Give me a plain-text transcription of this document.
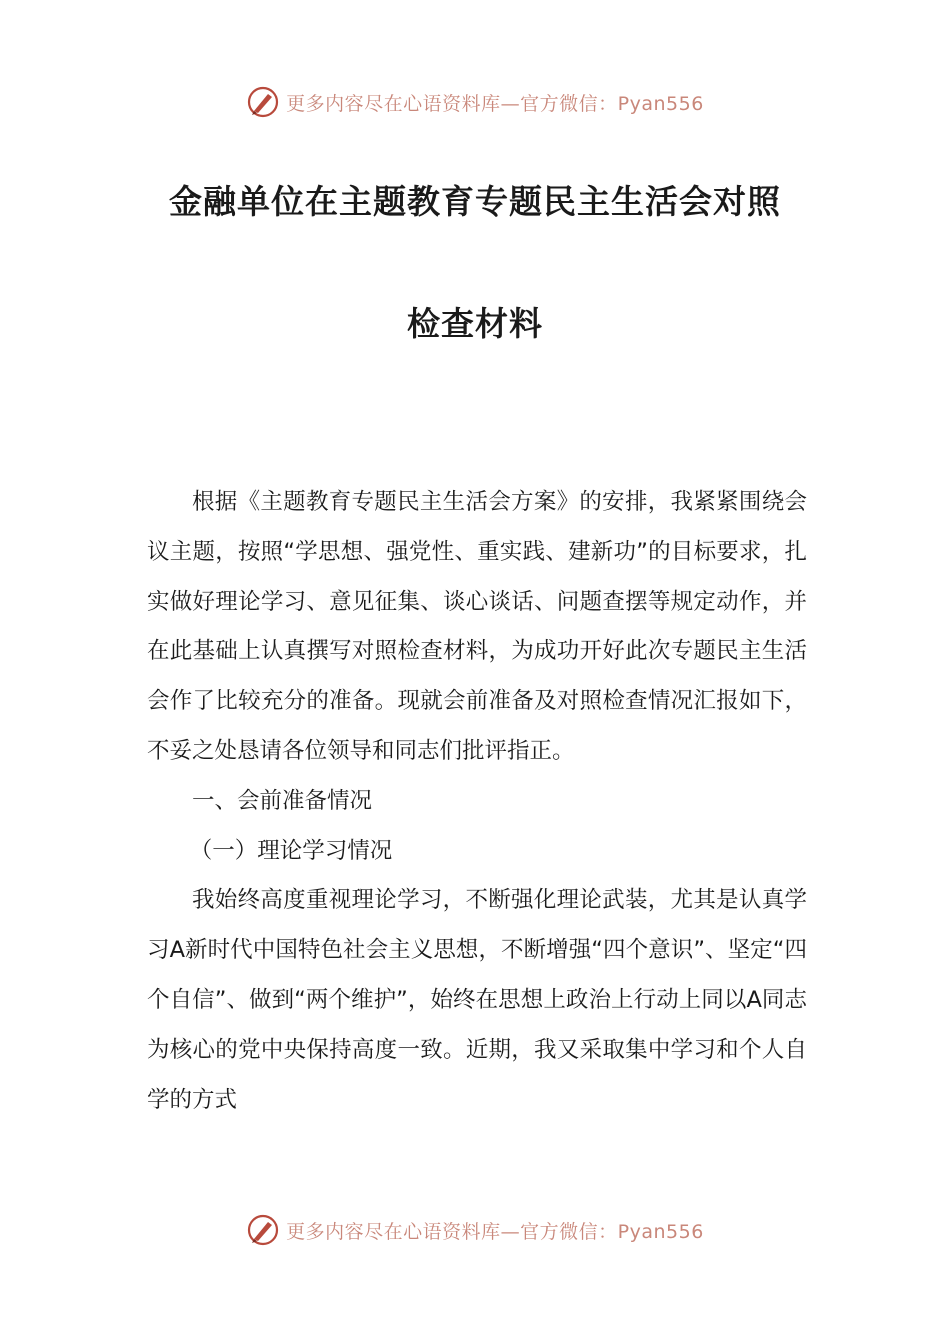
更多内容尽在心语资料库—官方微信：Pyan556
金融单位在主题教育专题民主生活会对照
检查材料

根据《主题教育专题民主生活会方案》的安排，我紧紧围绕会议主题，按照“学思想、强党性、重实践、建新功”的目标要求，扎实做好理论学习、意见征集、谈心谈话、问题查摆等规定动作，并在此基础上认真撰写对照检查材料，为成功开好此次专题民主生活会作了比较充分的准备。现就会前准备及对照检查情况汇报如下，不妥之处恳请各位领导和同志们批评指正。

一、会前准备情况

（一）理论学习情况

我始终高度重视理论学习，不断强化理论武装，尤其是认真学习A新时代中国特色社会主义思想，不断增强“四个意识”、坚定“四个自信”、做到“两个维护”，始终在思想上政治上行动上同以A同志为核心的党中央保持高度一致。近期，我又采取集中学习和个人自学的方式

更多内容尽在心语资料库—官方微信：Pyan556
